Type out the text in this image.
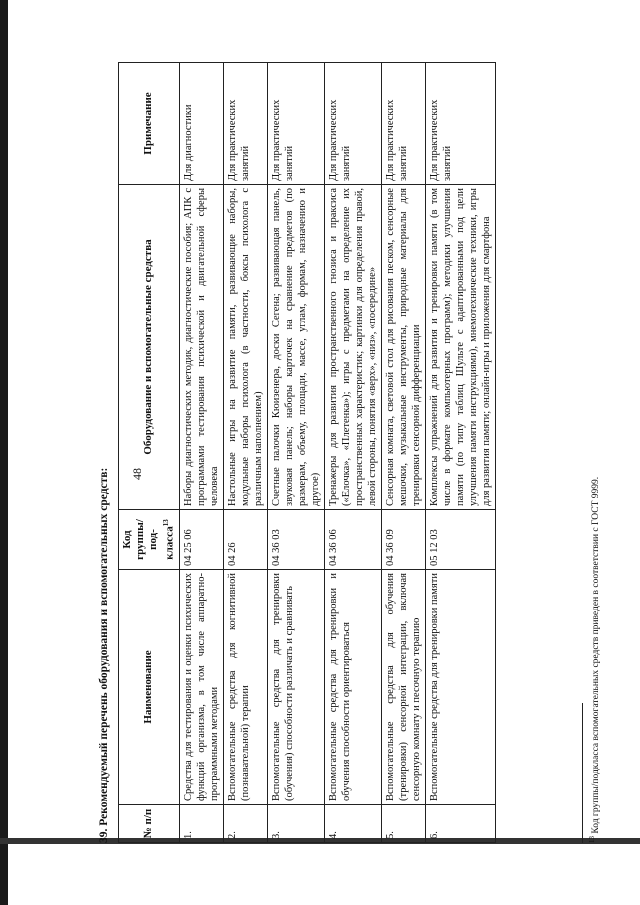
48
39. Рекомендуемый перечень оборудования и вспомогательных средств:	№ п/п	Наименование	Код группы/под-класса$^{13}$	Оборудование и вспомогательные средства	Примечание
1.	Средства для тестирования и оценки психических функций организма, в том числе аппаратно-программными методами	04 25 06	Наборы диагностических методик, диагностические пособия; АПК с программами тестирования психической и двигательной сферы человека	Для диагностики
2.	Вспомогательные средства для когнитивной (познавательной) терапии	04 26	Настольные игры на развитие памяти, развивающие наборы, модульные наборы психолога (в частности, боксы психолога с различным наполнением)	Для практических занятий
3.	Вспомогательные средства для тренировки (обучения) способности различать и сравнивать	04 36 03	Счетные палочки Кюизенера, доски Сегена; развивающая панель, звуковая панель; наборы карточек на сравнение предметов (по размерам, объему, площади, массе, углам, формам, назначению и другое)	Для практических занятий
4.	Вспомогательные средства для тренировки и обучения способности ориентироваться	04 36 06	Тренажеры для развития пространственного гнозиса и праксиса («Елочка», «Плетенка»); игры с предметами на определение их пространственных характеристик; картинки для определения правой, левой стороны, понятия «верх», «низ», «посередине»	Для практических занятий
5.	Вспомогательные средства для обучения (тренировки) сенсорной интеграции, включая сенсорную комнату и песочную терапию	04 36 09	Сенсорная комната, световой стол для рисования песком, сенсорные мешочки, музыкальные инструменты, природные материалы для тренировки сенсорной дифференциации	Для практических занятий
6.	Вспомогательные средства для тренировки памяти	05 12 03	Комплексы упражнений для развития и тренировки памяти (в том числе в формате компьютерных программ); методики улучшения памяти (по типу таблиц Шульте с адаптированными под цели улучшения памяти инструкциями), мнемотехнические техники, игры для развития памяти; онлайн-игры и приложения для смартфона	Для практических занятий
$^{13}$ Код группы/подкласса вспомогательных средств приведен в соответствии с ГОСТ 9999.
